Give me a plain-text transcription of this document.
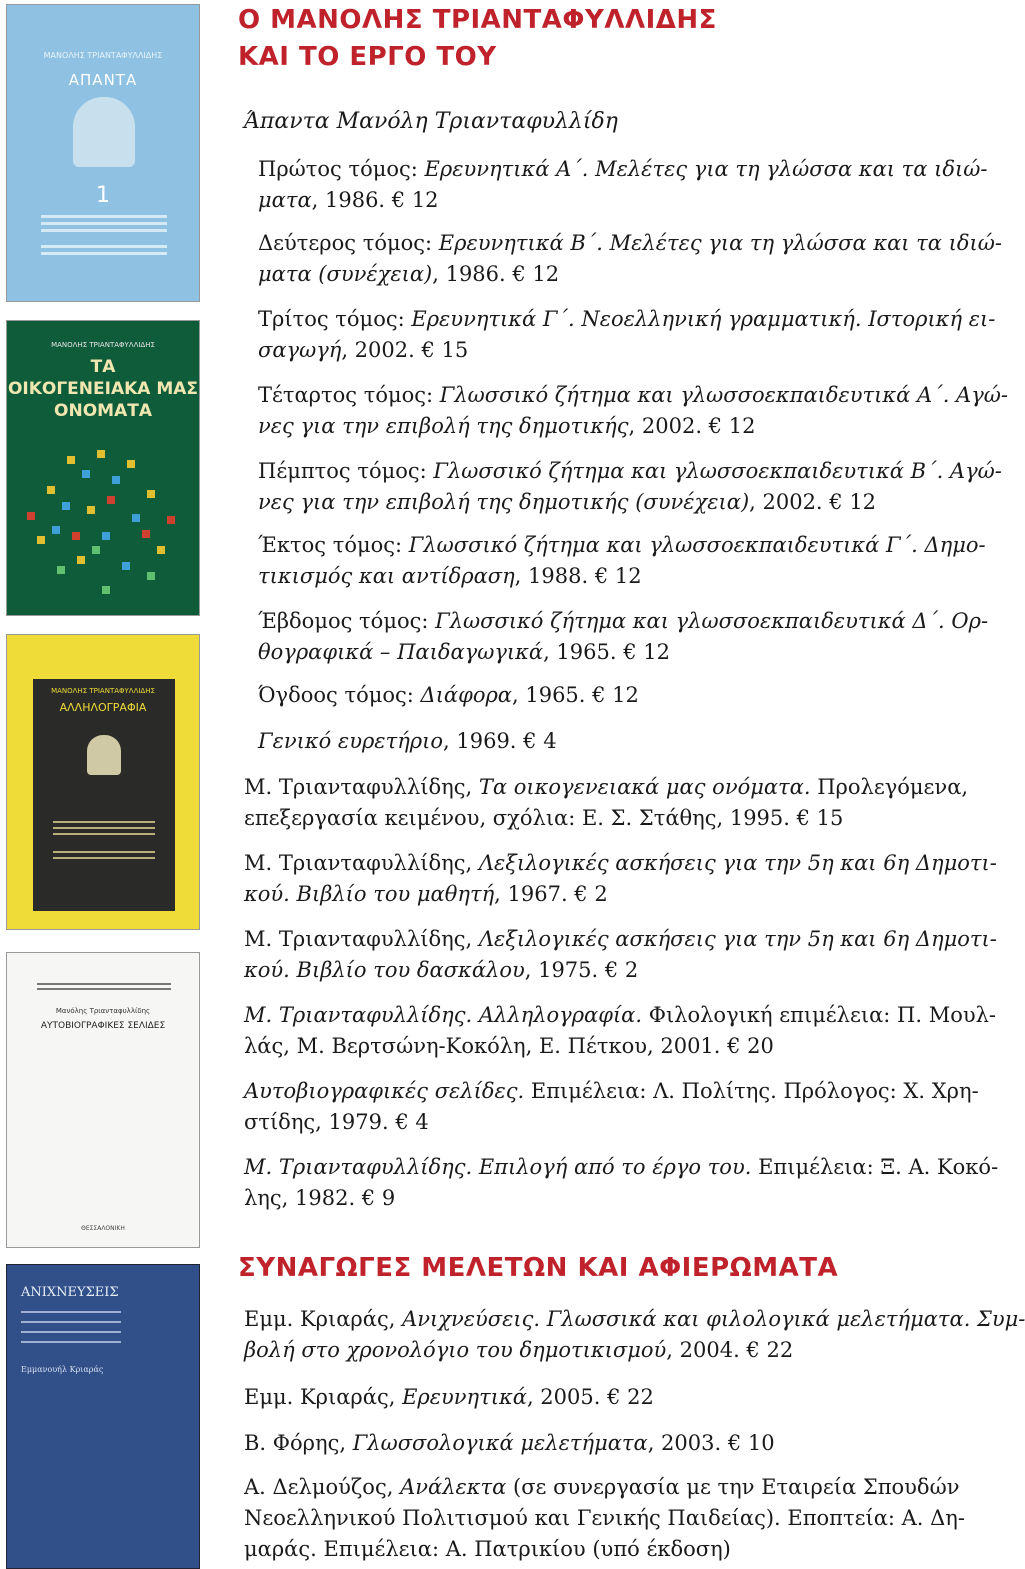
ΜΑΝΟΛΗΣ ΤΡΙΑΝΤΑΦΥΛΛΙΔΗΣ
ΑΠΑΝΤΑ
1
ΜΑΝΟΛΗΣ ΤΡΙΑΝΤΑΦΥΛΛΙΔΗΣ
ΤΑ
ΟΙΚΟΓΕΝΕΙΑΚΑ ΜΑΣ
ΟΝΟΜΑΤΑ
ΜΑΝΟΛΗΣ ΤΡΙΑΝΤΑΦΥΛΛΙΔΗΣ
ΑΛΛΗΛΟΓΡΑΦΙΑ
Μανόλης Τριανταφυλλίδης
ΑΥΤΟΒΙΟΓΡΑΦΙΚΕΣ ΣΕΛΙΔΕΣ
ΘΕΣΣΑΛΟΝΙΚΗ
ΑΝΙΧΝΕΥΣΕΙΣ
Εμμανουήλ Κριαράς
Ο ΜΑΝΟΛΗΣ ΤΡΙΑΝΤΑΦΥΛΛΙΔΗΣ
ΚΑΙ ΤΟ ΕΡΓΟ ΤΟΥ

Άπαντα Μανόλη Τριανταφυλλίδη

Πρώτος τόμος: Ερευνητικά Α΄. Μελέτες για τη γλώσσα και τα ιδιώ-
ματα, 1986. € 12
Δεύτερος τόμος: Ερευνητικά Β΄. Μελέτες για τη γλώσσα και τα ιδιώ-
ματα (συνέχεια), 1986. € 12
Τρίτος τόμος: Ερευνητικά Γ΄. Νεοελληνική γραμματική. Ιστορική ει-
σαγωγή, 2002. € 15
Τέταρτος τόμος: Γλωσσικό ζήτημα και γλωσσοεκπαιδευτικά Α΄. Αγώ-
νες για την επιβολή της δημοτικής, 2002. € 12
Πέμπτος τόμος: Γλωσσικό ζήτημα και γλωσσοεκπαιδευτικά Β΄. Αγώ-
νες για την επιβολή της δημοτικής (συνέχεια), 2002. € 12
Έκτος τόμος: Γλωσσικό ζήτημα και γλωσσοεκπαιδευτικά Γ΄. Δημο-
τικισμός και αντίδραση, 1988. € 12
Έβδομος τόμος: Γλωσσικό ζήτημα και γλωσσοεκπαιδευτικά Δ΄. Ορ-
θογραφικά – Παιδαγωγικά, 1965. € 12

Όγδοος τόμος: Διάφορα, 1965. € 12

Γενικό ευρετήριο, 1969. € 4

Μ. Τριανταφυλλίδης, Τα οικογενειακά μας ονόματα. Προλεγόμενα,
επεξεργασία κειμένου, σχόλια: Ε. Σ. Στάθης, 1995. € 15
Μ. Τριανταφυλλίδης, Λεξιλογικές ασκήσεις για την 5η και 6η Δημοτι-
κού. Βιβλίο του μαθητή, 1967. € 2
Μ. Τριανταφυλλίδης, Λεξιλογικές ασκήσεις για την 5η και 6η Δημοτι-
κού. Βιβλίο του δασκάλου, 1975. € 2
Μ. Τριανταφυλλίδης. Αλληλογραφία. Φιλολογική επιμέλεια: Π. Μουλ-
λάς, Μ. Βερτσώνη-Κοκόλη, Ε. Πέτκου, 2001. € 20
Αυτοβιογραφικές σελίδες. Επιμέλεια: Λ. Πολίτης. Πρόλογος: Χ. Χρη-
στίδης, 1979. € 4
Μ. Τριανταφυλλίδης. Επιλογή από το έργο του. Επιμέλεια: Ξ. Α. Κοκό-
λης, 1982. € 9
ΣΥΝΑΓΩΓΕΣ ΜΕΛΕΤΩΝ ΚΑΙ ΑΦΙΕΡΩΜΑΤΑ
Εμμ. Κριαράς, Ανιχνεύσεις. Γλωσσικά και φιλολογικά μελετήματα. Συμ-
βολή στο χρονολόγιο του δημοτικισμού, 2004. € 22

Εμμ. Κριαράς, Ερευνητικά, 2005. € 22

Β. Φόρης, Γλωσσολογικά μελετήματα, 2003. € 10

Α. Δελμούζος, Ανάλεκτα (σε συνεργασία με την Εταιρεία Σπουδών
Νεοελληνικού Πολιτισμού και Γενικής Παιδείας). Εποπτεία: Α. Δη-
μαράς. Επιμέλεια: Α. Πατρικίου (υπό έκδοση)
